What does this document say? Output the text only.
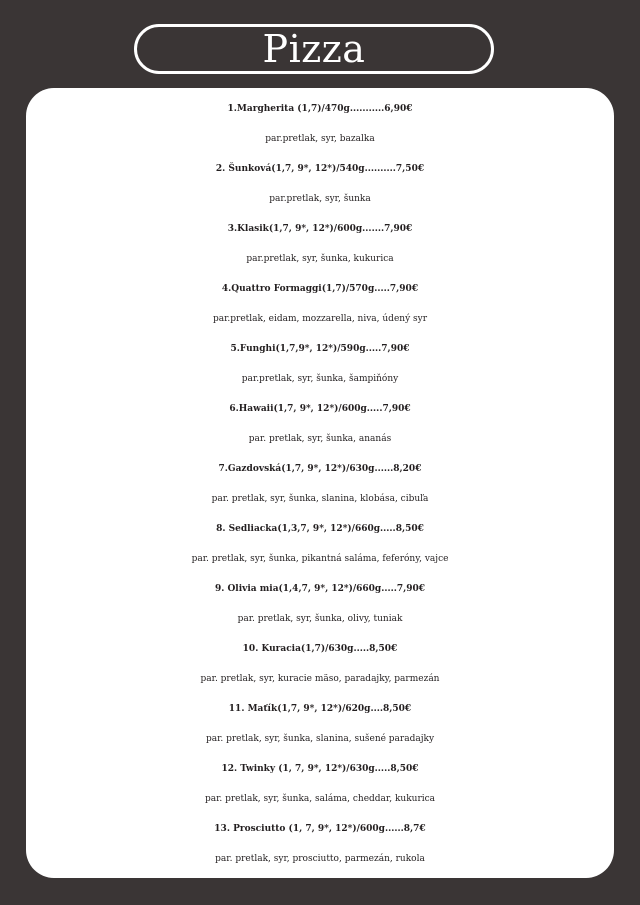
Pizza
1.Margherita (1,7)/470g...........6,90€
par.pretlak, syr, bazalka
2. Šunková(1,7, 9*, 12*)/540g..........7,50€
par.pretlak, syr, šunka
3.Klasik(1,7, 9*, 12*)/600g.......7,90€
par.pretlak, syr, šunka, kukurica
4.Quattro Formaggi(1,7)/570g.....7,90€
par.pretlak, eidam, mozzarella, niva, údený syr
5.Funghi(1,7,9*, 12*)/590g.....7,90€
par.pretlak, syr, šunka, šampiňóny
6.Hawaii(1,7, 9*, 12*)/600g.....7,90€
par. pretlak, syr, šunka, ananás
7.Gazdovská(1,7, 9*, 12*)/630g......8,20€
par. pretlak, syr, šunka, slanina, klobása, cibuľa
8. Sedliacka(1,3,7, 9*, 12*)/660g.....8,50€
par. pretlak, syr, šunka, pikantná saláma, feferóny, vajce
9. Olivia mia(1,4,7, 9*, 12*)/660g.....7,90€
par. pretlak, syr, šunka, olivy, tuniak
10. Kuracia(1,7)/630g.....8,50€
par. pretlak, syr, kuracie mäso, paradajky, parmezán
11. Maťík(1,7, 9*, 12*)/620g....8,50€
par. pretlak, syr, šunka, slanina, sušené paradajky
12. Twinky (1, 7, 9*, 12*)/630g.....8,50€
par. pretlak, syr, šunka, saláma, cheddar, kukurica
13. Prosciutto (1, 7, 9*, 12*)/600g......8,7€
par. pretlak, syr, prosciutto, parmezán, rukola
